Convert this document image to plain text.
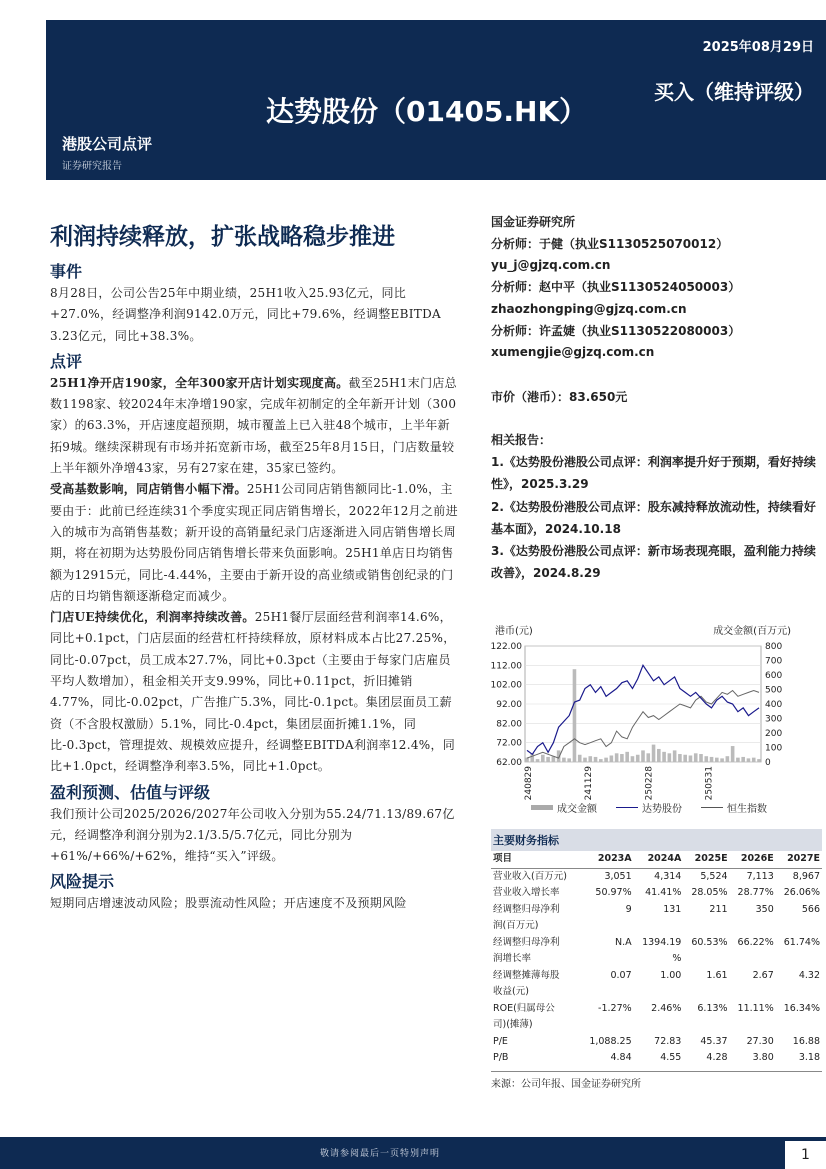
2025年08月29日
达势股份（01405.HK）
买入（维持评级）
港股公司点评
证券研究报告
利润持续释放，扩张战略稳步推进
事件

8月28日，公司公告25年中期业绩，25H1收入25.93亿元，同比+27.0%，经调整净利润9142.0万元，同比+79.6%，经调整EBITDA 3.23亿元，同比+38.3%。

点评

25H1净开店190家，全年300家开店计划实现度高。截至25H1末门店总数1198家、较2024年末净增190家，完成年初制定的全年新开计划（300家）的63.3%，开店速度超预期，城市覆盖上已入驻48个城市，上半年新拓9城。继续深耕现有市场并拓宽新市场，截至25年8月15日，门店数量较上半年额外净增43家，另有27家在建，35家已签约。

受高基数影响，同店销售小幅下滑。25H1公司同店销售额同比-1.0%，主要由于：此前已经连续31个季度实现正同店销售增长，2022年12月之前进入的城市为高销售基数；新开设的高销量纪录门店逐渐进入同店销售增长周期，将在初期为达势股份同店销售增长带来负面影响。25H1单店日均销售额为12915元，同比-4.44%，主要由于新开设的高业绩或销售创纪录的门店的日均销售额逐渐稳定而减少。

门店UE持续优化，利润率持续改善。25H1餐厅层面经营利润率14.6%，同比+0.1pct，门店层面的经营杠杆持续释放，原材料成本占比27.25%，同比-0.07pct，员工成本27.7%，同比+0.3pct（主要由于每家门店雇员平均人数增加），租金相关开支9.99%，同比+0.11pct，折旧摊销4.77%，同比-0.02pct，广告推广5.3%，同比-0.1pct。集团层面员工薪资（不含股权激励）5.1%，同比-0.4pct，集团层面折摊1.1%，同比-0.3pct，管理提效、规模效应提升，经调整EBITDA利润率12.4%，同比+1.0pct，经调整净利率3.5%，同比+1.0pct。

盈利预测、估值与评级

我们预计公司2025/2026/2027年公司收入分别为55.24/71.13/89.67亿元，经调整净利润分别为2.1/3.5/5.7亿元，同比分别为+61%/+66%/+62%，维持“买入”评级。

风险提示

短期同店增速波动风险；股票流动性风险；开店速度不及预期风险

国金证券研究所
分析师：于健（执业S1130525070012）
yu_j@gjzq.com.cn
分析师：赵中平（执业S1130524050003）
zhaozhongping@gjzq.com.cn
分析师：许孟婕（执业S1130522080003）
xumengjie@gjzq.com.cn
市价（港币）：83.650元
相关报告：
1.《达势股份港股公司点评：利润率提升好于预期，看好持续性》，2025.3.29
2.《达势股份港股公司点评：股东减持释放流动性，持续看好基本面》，2024.10.18
3.《达势股份港股公司点评：新市场表现亮眼，盈利能力持续改善》，2024.8.29
港币(元)	成交金额(百万元)
122.00
112.00
102.00
92.00
82.00
72.00
62.00
800
700
600
500
400
300
200
100
0
240829	241129	250228	250531
成交金额	达势股份	恒生指数
主要财务指标
项目	2023A	2024A	2025E	2026E	2027E
营业收入(百万元)	3,051	4,314	5,524	7,113	8,967
营业收入增长率	50.97%	41.41%	28.05%	28.77%	26.06%
经调整归母净利	9	131	211	350	566
润(百万元)					
经调整归母净利	N.A	1394.19	60.53%	66.22%	61.74%
润增长率		%			
经调整摊薄每股	0.07	1.00	1.61	2.67	4.32
收益(元)					
ROE(归属母公	-1.27%	2.46%	6.13%	11.11%	16.34%
司)(摊薄)					
P/E	1,088.25	72.83	45.37	27.30	16.88
P/B	4.84	4.55	4.28	3.80	3.18
来源：公司年报、国金证券研究所
敬请参阅最后一页特别声明	1
